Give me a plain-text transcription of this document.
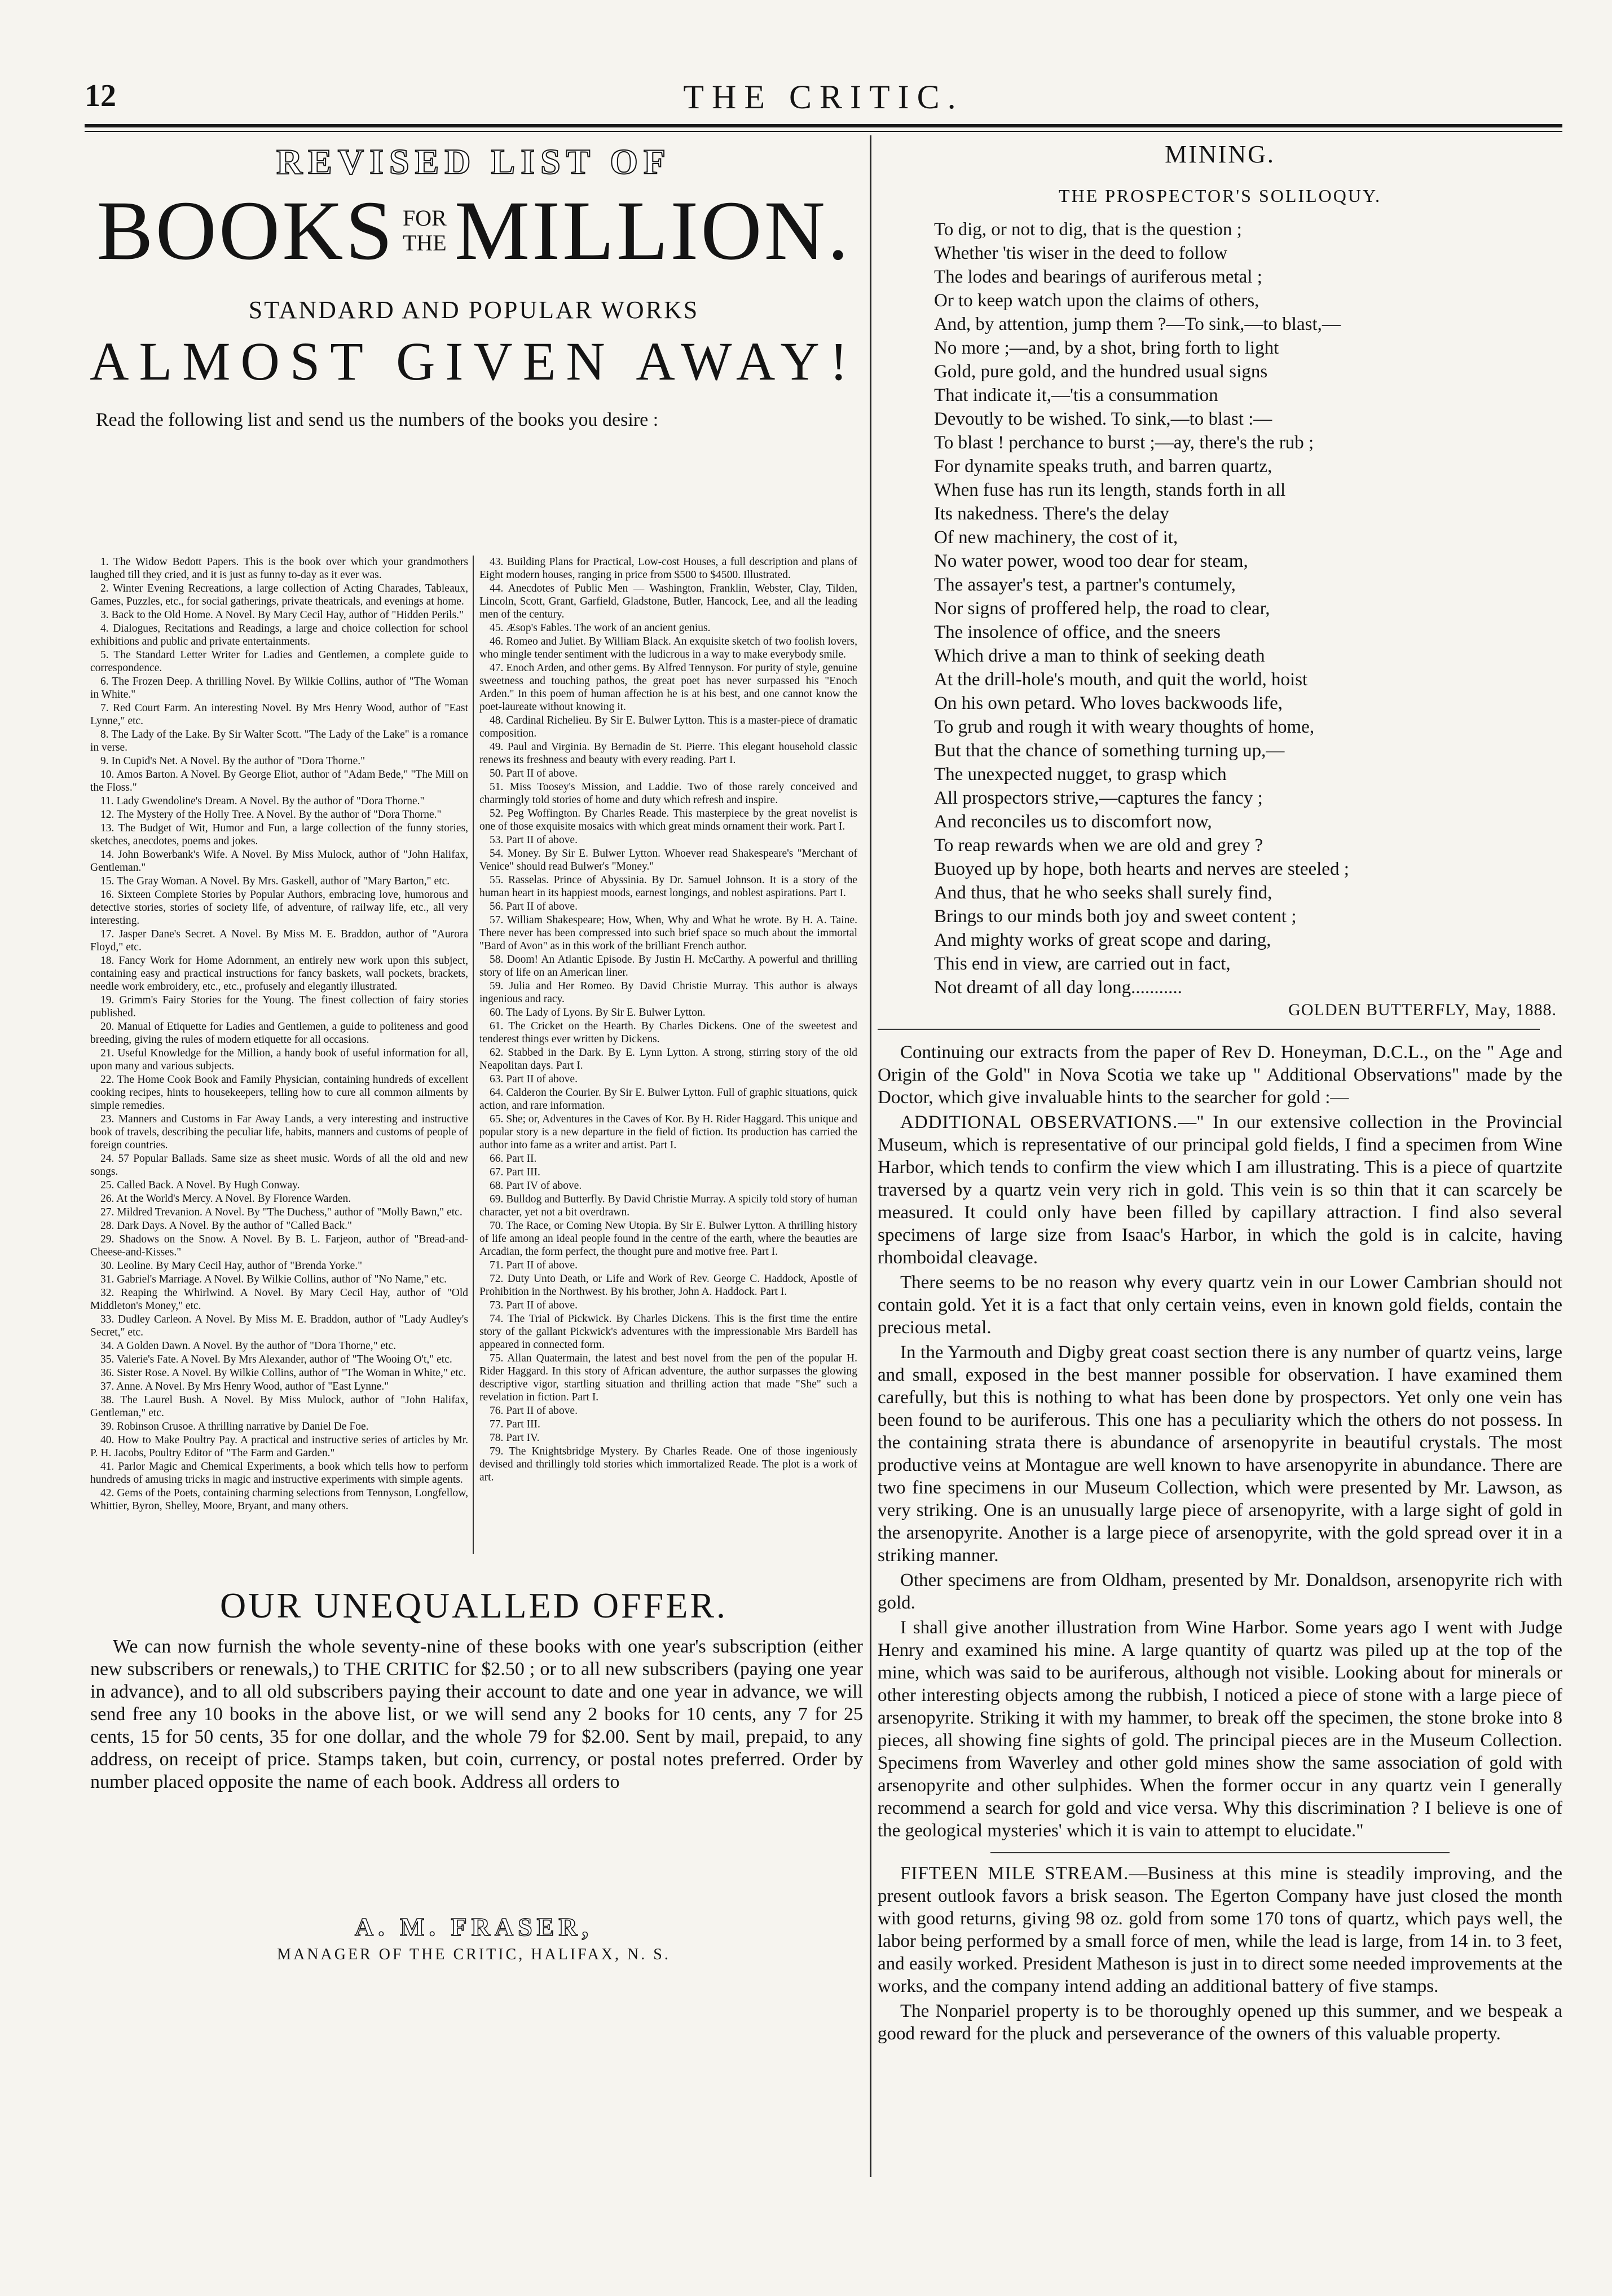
12	THE CRITIC.
REVISED LIST OF
BOOKS FOR
THE MILLION.
STANDARD AND POPULAR WORKS
ALMOST GIVEN AWAY!
Read the following list and send us the numbers of the books you desire :
1. The Widow Bedott Papers. This is the book over which your grandmothers laughed till they cried, and it is just as funny to-day as it ever was.
2. Winter Evening Recreations, a large collection of Acting Charades, Tableaux, Games, Puzzles, etc., for social gatherings, private theatricals, and evenings at home.
3. Back to the Old Home. A Novel. By Mary Cecil Hay, author of "Hidden Perils."
4. Dialogues, Recitations and Readings, a large and choice collection for school exhibitions and public and private entertainments.
5. The Standard Letter Writer for Ladies and Gentlemen, a complete guide to correspondence.
6. The Frozen Deep. A thrilling Novel. By Wilkie Collins, author of "The Woman in White."
7. Red Court Farm. An interesting Novel. By Mrs Henry Wood, author of "East Lynne," etc.
8. The Lady of the Lake. By Sir Walter Scott. "The Lady of the Lake" is a romance in verse.
9. In Cupid's Net. A Novel. By the author of "Dora Thorne."
10. Amos Barton. A Novel. By George Eliot, author of "Adam Bede," "The Mill on the Floss."
11. Lady Gwendoline's Dream. A Novel. By the author of "Dora Thorne."
12. The Mystery of the Holly Tree. A Novel. By the author of "Dora Thorne."
13. The Budget of Wit, Humor and Fun, a large collection of the funny stories, sketches, anecdotes, poems and jokes.
14. John Bowerbank's Wife. A Novel. By Miss Mulock, author of "John Halifax, Gentleman."
15. The Gray Woman. A Novel. By Mrs. Gaskell, author of "Mary Barton," etc.
16. Sixteen Complete Stories by Popular Authors, embracing love, humorous and detective stories, stories of society life, of adventure, of railway life, etc., all very interesting.
17. Jasper Dane's Secret. A Novel. By Miss M. E. Braddon, author of "Aurora Floyd," etc.
18. Fancy Work for Home Adornment, an entirely new work upon this subject, containing easy and practical instructions for fancy baskets, wall pockets, brackets, needle work embroidery, etc., etc., profusely and elegantly illustrated.
19. Grimm's Fairy Stories for the Young. The finest collection of fairy stories published.
20. Manual of Etiquette for Ladies and Gentlemen, a guide to politeness and good breeding, giving the rules of modern etiquette for all occasions.
21. Useful Knowledge for the Million, a handy book of useful information for all, upon many and various subjects.
22. The Home Cook Book and Family Physician, containing hundreds of excellent cooking recipes, hints to housekeepers, telling how to cure all common ailments by simple remedies.
23. Manners and Customs in Far Away Lands, a very interesting and instructive book of travels, describing the peculiar life, habits, manners and customs of people of foreign countries.
24. 57 Popular Ballads. Same size as sheet music. Words of all the old and new songs.
25. Called Back. A Novel. By Hugh Conway.
26. At the World's Mercy. A Novel. By Florence Warden.
27. Mildred Trevanion. A Novel. By "The Duchess," author of "Molly Bawn," etc.
28. Dark Days. A Novel. By the author of "Called Back."
29. Shadows on the Snow. A Novel. By B. L. Farjeon, author of "Bread-and-Cheese-and-Kisses."
30. Leoline. By Mary Cecil Hay, author of "Brenda Yorke."
31. Gabriel's Marriage. A Novel. By Wilkie Collins, author of "No Name," etc.
32. Reaping the Whirlwind. A Novel. By Mary Cecil Hay, author of "Old Middleton's Money," etc.
33. Dudley Carleon. A Novel. By Miss M. E. Braddon, author of "Lady Audley's Secret," etc.
34. A Golden Dawn. A Novel. By the author of "Dora Thorne," etc.
35. Valerie's Fate. A Novel. By Mrs Alexander, author of "The Wooing O't," etc.
36. Sister Rose. A Novel. By Wilkie Collins, author of "The Woman in White," etc.
37. Anne. A Novel. By Mrs Henry Wood, author of "East Lynne."
38. The Laurel Bush. A Novel. By Miss Mulock, author of "John Halifax, Gentleman," etc.
39. Robinson Crusoe. A thrilling narrative by Daniel De Foe.
40. How to Make Poultry Pay. A practical and instructive series of articles by Mr. P. H. Jacobs, Poultry Editor of "The Farm and Garden."
41. Parlor Magic and Chemical Experiments, a book which tells how to perform hundreds of amusing tricks in magic and instructive experiments with simple agents.
42. Gems of the Poets, containing charming selections from Tennyson, Longfellow, Whittier, Byron, Shelley, Moore, Bryant, and many others.
43. Building Plans for Practical, Low-cost Houses, a full description and plans of Eight modern houses, ranging in price from $500 to $4500. Illustrated.
44. Anecdotes of Public Men — Washington, Franklin, Webster, Clay, Tilden, Lincoln, Scott, Grant, Garfield, Gladstone, Butler, Hancock, Lee, and all the leading men of the century.
45. Æsop's Fables. The work of an ancient genius.
46. Romeo and Juliet. By William Black. An exquisite sketch of two foolish lovers, who mingle tender sentiment with the ludicrous in a way to make everybody smile.
47. Enoch Arden, and other gems. By Alfred Tennyson. For purity of style, genuine sweetness and touching pathos, the great poet has never surpassed his "Enoch Arden." In this poem of human affection he is at his best, and one cannot know the poet-laureate without knowing it.
48. Cardinal Richelieu. By Sir E. Bulwer Lytton. This is a master-piece of dramatic composition.
49. Paul and Virginia. By Bernadin de St. Pierre. This elegant household classic renews its freshness and beauty with every reading. Part I.
50. Part II of above.
51. Miss Toosey's Mission, and Laddie. Two of those rarely conceived and charmingly told stories of home and duty which refresh and inspire.
52. Peg Woffington. By Charles Reade. This masterpiece by the great novelist is one of those exquisite mosaics with which great minds ornament their work. Part I.
53. Part II of above.
54. Money. By Sir E. Bulwer Lytton. Whoever read Shakespeare's "Merchant of Venice" should read Bulwer's "Money."
55. Rasselas. Prince of Abyssinia. By Dr. Samuel Johnson. It is a story of the human heart in its happiest moods, earnest longings, and noblest aspirations. Part I.
56. Part II of above.
57. William Shakespeare; How, When, Why and What he wrote. By H. A. Taine. There never has been compressed into such brief space so much about the immortal "Bard of Avon" as in this work of the brilliant French author.
58. Doom! An Atlantic Episode. By Justin H. McCarthy. A powerful and thrilling story of life on an American liner.
59. Julia and Her Romeo. By David Christie Murray. This author is always ingenious and racy.
60. The Lady of Lyons. By Sir E. Bulwer Lytton.
61. The Cricket on the Hearth. By Charles Dickens. One of the sweetest and tenderest things ever written by Dickens.
62. Stabbed in the Dark. By E. Lynn Lytton. A strong, stirring story of the old Neapolitan days. Part I.
63. Part II of above.
64. Calderon the Courier. By Sir E. Bulwer Lytton. Full of graphic situations, quick action, and rare information.
65. She; or, Adventures in the Caves of Kor. By H. Rider Haggard. This unique and popular story is a new departure in the field of fiction. Its production has carried the author into fame as a writer and artist. Part I.
66. Part II.
67. Part III.
68. Part IV of above.
69. Bulldog and Butterfly. By David Christie Murray. A spicily told story of human character, yet not a bit overdrawn.
70. The Race, or Coming New Utopia. By Sir E. Bulwer Lytton. A thrilling history of life among an ideal people found in the centre of the earth, where the beauties are Arcadian, the form perfect, the thought pure and motive free. Part I.
71. Part II of above.
72. Duty Unto Death, or Life and Work of Rev. George C. Haddock, Apostle of Prohibition in the Northwest. By his brother, John A. Haddock. Part I.
73. Part II of above.
74. The Trial of Pickwick. By Charles Dickens. This is the first time the entire story of the gallant Pickwick's adventures with the impressionable Mrs Bardell has appeared in connected form.
75. Allan Quatermain, the latest and best novel from the pen of the popular H. Rider Haggard. In this story of African adventure, the author surpasses the glowing descriptive vigor, startling situation and thrilling action that made "She" such a revelation in fiction. Part I.
76. Part II of above.
77. Part III.
78. Part IV.
79. The Knightsbridge Mystery. By Charles Reade. One of those ingeniously devised and thrillingly told stories which immortalized Reade. The plot is a work of art.
OUR UNEQUALLED OFFER.
We can now furnish the whole seventy-nine of these books with one year's subscription (either new subscribers or renewals,) to THE CRITIC for $2.50 ; or to all new subscribers (paying one year in advance), and to all old subscribers paying their account to date and one year in advance, we will send free any 10 books in the above list, or we will send any 2 books for 10 cents, any 7 for 25 cents, 15 for 50 cents, 35 for one dollar, and the whole 79 for $2.00. Sent by mail, prepaid, to any address, on receipt of price. Stamps taken, but coin, currency, or postal notes preferred. Order by number placed opposite the name of each book. Address all orders to
A. M. FRASER,
MANAGER OF THE CRITIC, HALIFAX, N. S.
MINING.
THE PROSPECTOR'S SOLILOQUY.
To dig, or not to dig, that is the question ;
Whether 'tis wiser in the deed to follow
The lodes and bearings of auriferous metal ;
Or to keep watch upon the claims of others,
And, by attention, jump them ?—To sink,—to blast,—
No more ;—and, by a shot, bring forth to light
Gold, pure gold, and the hundred usual signs
That indicate it,—'tis a consummation
Devoutly to be wished. To sink,—to blast :—
To blast ! perchance to burst ;—ay, there's the rub ;
For dynamite speaks truth, and barren quartz,
When fuse has run its length, stands forth in all
Its nakedness. There's the delay
Of new machinery, the cost of it,
No water power, wood too dear for steam,
The assayer's test, a partner's contumely,
Nor signs of proffered help, the road to clear,
The insolence of office, and the sneers
Which drive a man to think of seeking death
At the drill-hole's mouth, and quit the world, hoist
On his own petard. Who loves backwoods life,
To grub and rough it with weary thoughts of home,
But that the chance of something turning up,—
The unexpected nugget, to grasp which
All prospectors strive,—captures the fancy ;
And reconciles us to discomfort now,
To reap rewards when we are old and grey ?
Buoyed up by hope, both hearts and nerves are steeled ;
And thus, that he who seeks shall surely find,
Brings to our minds both joy and sweet content ;
And mighty works of great scope and daring,
This end in view, are carried out in fact,
Not dreamt of all day long...........
GOLDEN BUTTERFLY, May, 1888.

Continuing our extracts from the paper of Rev D. Honeyman, D.C.L., on the " Age and Origin of the Gold" in Nova Scotia we take up " Additional Observations" made by the Doctor, which give invaluable hints to the searcher for gold :—

ADDITIONAL OBSERVATIONS.—" In our extensive collection in the Provincial Museum, which is representative of our principal gold fields, I find a specimen from Wine Harbor, which tends to confirm the view which I am illustrating. This is a piece of quartzite traversed by a quartz vein very rich in gold. This vein is so thin that it can scarcely be measured. It could only have been filled by capillary attraction. I find also several specimens of large size from Isaac's Harbor, in which the gold is in calcite, having rhomboidal cleavage.

There seems to be no reason why every quartz vein in our Lower Cambrian should not contain gold. Yet it is a fact that only certain veins, even in known gold fields, contain the precious metal.

In the Yarmouth and Digby great coast section there is any number of quartz veins, large and small, exposed in the best manner possible for observation. I have examined them carefully, but this is nothing to what has been done by prospectors. Yet only one vein has been found to be auriferous. This one has a peculiarity which the others do not possess. In the containing strata there is abundance of arsenopyrite in beautiful crystals. The most productive veins at Montague are well known to have arsenopyrite in abundance. There are two fine specimens in our Museum Collection, which were presented by Mr. Lawson, as very striking. One is an unusually large piece of arsenopyrite, with a large sight of gold in the arsenopyrite. Another is a large piece of arsenopyrite, with the gold spread over it in a striking manner.

Other specimens are from Oldham, presented by Mr. Donaldson, arsenopyrite rich with gold.

I shall give another illustration from Wine Harbor. Some years ago I went with Judge Henry and examined his mine. A large quantity of quartz was piled up at the top of the mine, which was said to be auriferous, although not visible. Looking about for minerals or other interesting objects among the rubbish, I noticed a piece of stone with a large piece of arsenopyrite. Striking it with my hammer, to break off the specimen, the stone broke into 8 pieces, all showing fine sights of gold. The principal pieces are in the Museum Collection. Specimens from Waverley and other gold mines show the same association of gold with arsenopyrite and other sulphides. When the former occur in any quartz vein I generally recommend a search for gold and vice versa. Why this discrimination ? I believe is one of the geological mysteries' which it is vain to attempt to elucidate."

FIFTEEN MILE STREAM.—Business at this mine is steadily improving, and the present outlook favors a brisk season. The Egerton Company have just closed the month with good returns, giving 98 oz. gold from some 170 tons of quartz, which pays well, the labor being performed by a small force of men, while the lead is large, from 14 in. to 3 feet, and easily worked. President Matheson is just in to direct some needed improvements at the works, and the company intend adding an additional battery of five stamps.

The Nonpariel property is to be thoroughly opened up this summer, and we bespeak a good reward for the pluck and perseverance of the owners of this valuable property.
